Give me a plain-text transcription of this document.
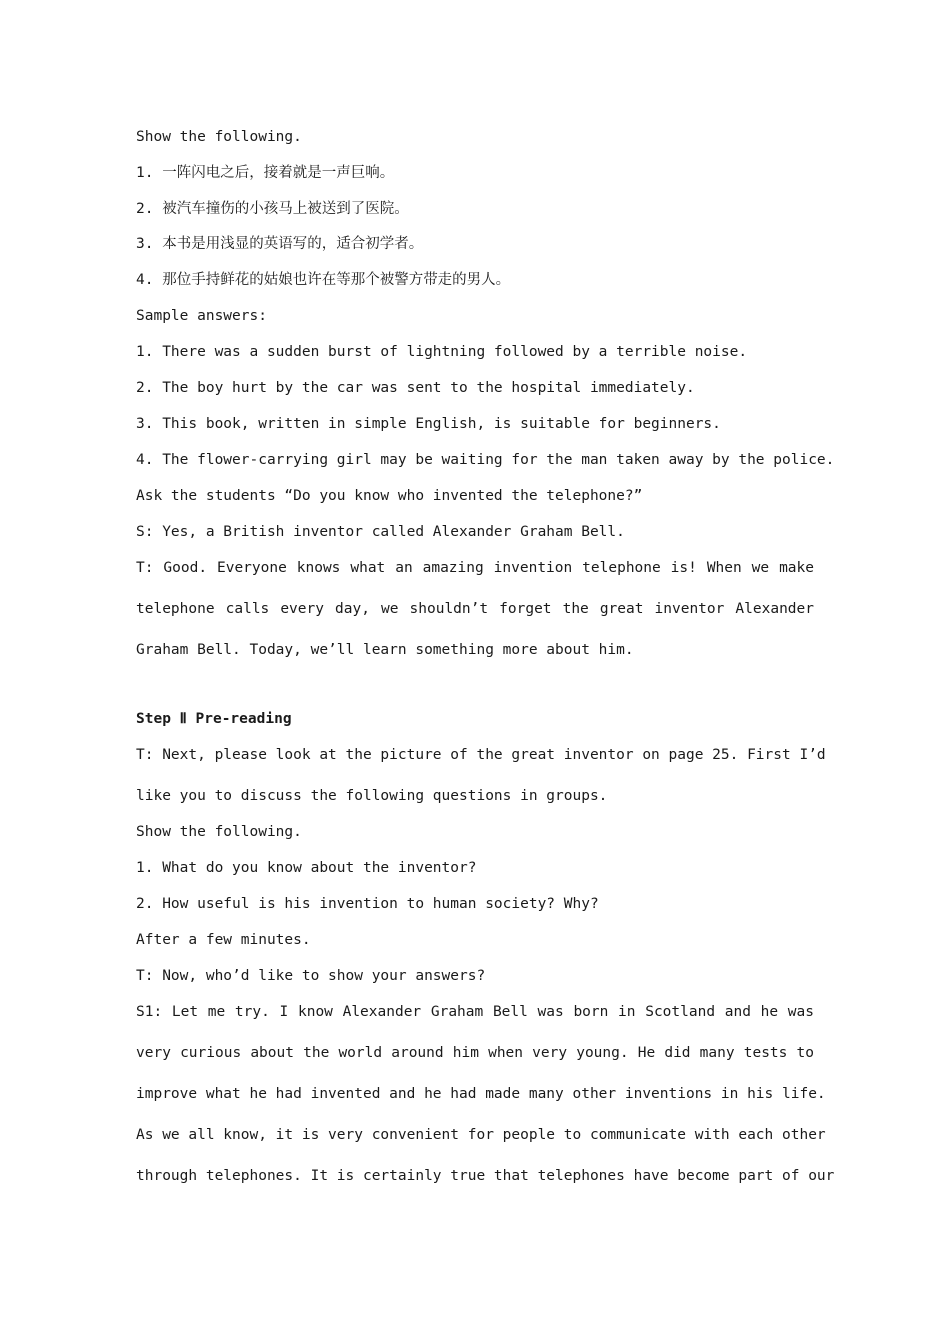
Show the following.
1. 一阵闪电之后，接着就是一声巨响。
2. 被汽车撞伤的小孩马上被送到了医院。
3. 本书是用浅显的英语写的，适合初学者。
4. 那位手持鲜花的姑娘也许在等那个被警方带走的男人。
Sample answers:
1. There was a sudden burst of lightning followed by a terrible noise.
2. The boy hurt by the car was sent to the hospital immediately.
3. This book, written in simple English, is suitable for beginners.
4. The flower-carrying girl may be waiting for the man taken away by the police.
Ask the students “Do you know who invented the telephone?”
S: Yes, a British inventor called Alexander Graham Bell.
T: Good. Everyone knows what an amazing invention telephone is! When we make
telephone calls every day, we shouldn’t forget the great inventor Alexander
Graham Bell. Today, we’ll learn something more about him.
Step Ⅱ Pre-reading
T: Next, please look at the picture of the great inventor on page 25. First I’d
like you to discuss the following questions in groups.
Show the following.
1. What do you know about the inventor?
2. How useful is his invention to human society? Why?
After a few minutes.
T: Now, who’d like to show your answers?
S1: Let me try. I know Alexander Graham Bell was born in Scotland and he was
very curious about the world around him when very young. He did many tests to
improve what he had invented and he had made many other inventions in his life.
As we all know, it is very convenient for people to communicate with each other
through telephones. It is certainly true that telephones have become part of our
